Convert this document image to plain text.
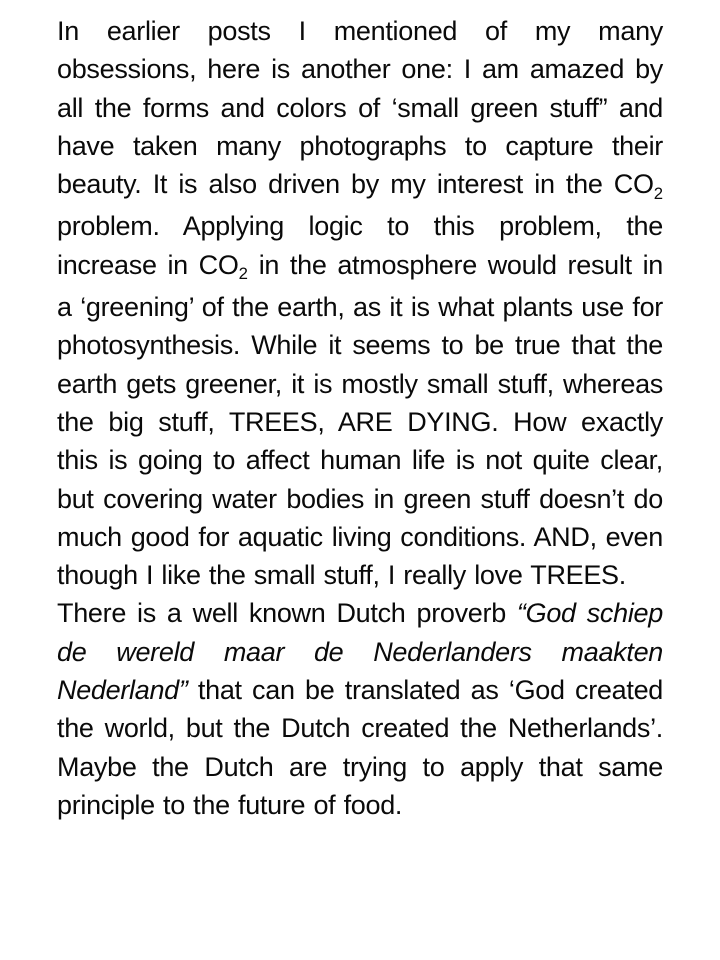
In earlier posts I mentioned of my many obsessions, here is another one: I am amazed by all the forms and colors of ‘small green stuff” and have taken many photographs to capture their beauty. It is also driven by my interest in the CO2 problem. Applying logic to this problem, the increase in CO2 in the atmosphere would result in a ‘greening’ of the earth, as it is what plants use for photosynthesis. While it seems to be true that the earth gets greener, it is mostly small stuff, whereas the big stuff, TREES, ARE DYING. How exactly this is going to affect human life is not quite clear, but covering water bodies in green stuff doesn’t do much good for aquatic living conditions. AND, even though I like the small stuff, I really love TREES.

There is a well known Dutch proverb “God schiep de wereld maar de Nederlanders maakten Nederland” that can be translated as ‘God created the world, but the Dutch created the Netherlands’. Maybe the Dutch are trying to apply that same principle to the future of food.
